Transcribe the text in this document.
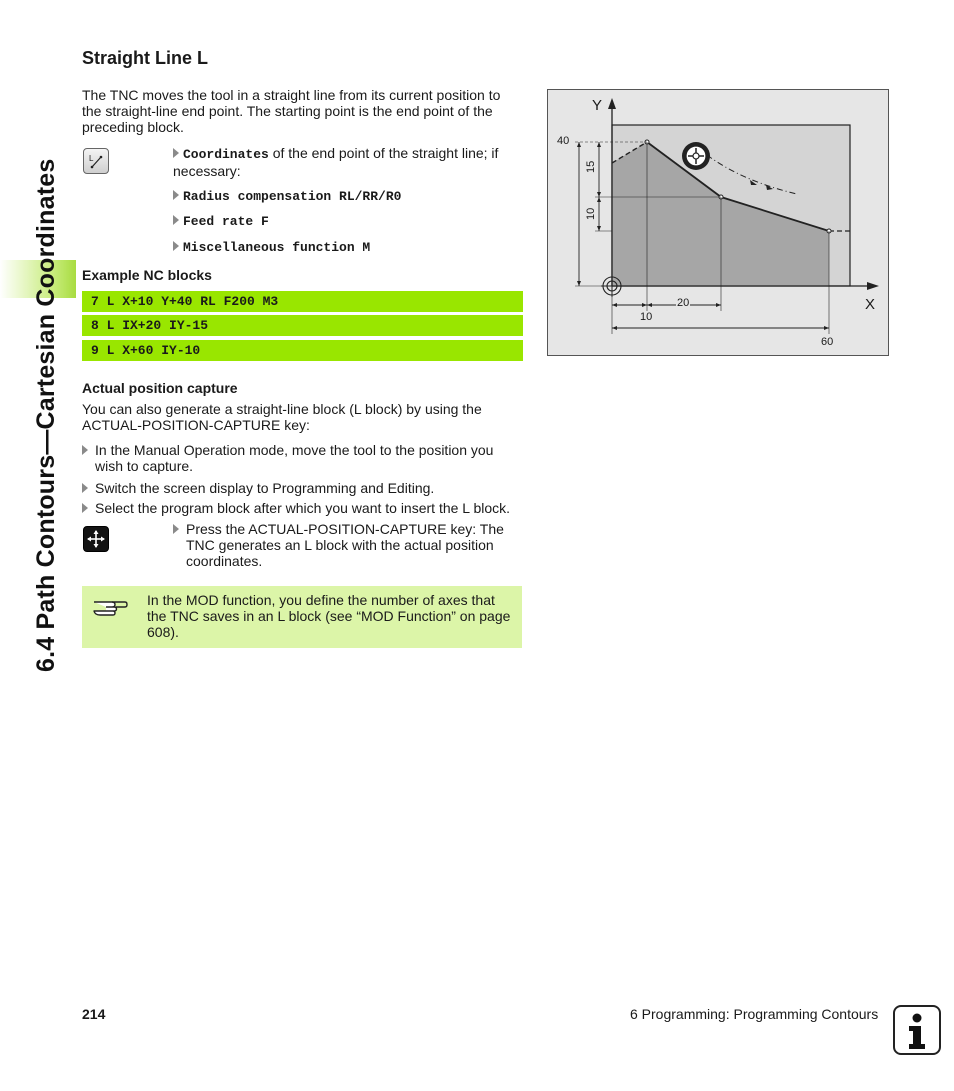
6.4 Path Contours—Cartesian Coordinates
Straight Line L
The TNC moves the tool in a straight line from its current position to the straight-line end point. The starting point is the end point of the preceding block.
L	Coordinates of the end point of the straight line; if necessary:
Radius compensation RL/RR/R0
Feed rate F
Miscellaneous function M
Example NC blocks
7 L X+10 Y+40 RL F200 M3
8 L IX+20 IY-15
9 L X+60 IY-10
Actual position capture
You can also generate a straight-line block (L block) by using the ACTUAL-POSITION-CAPTURE key:
In the Manual Operation mode, move the tool to the position you wish to capture.
Switch the screen display to Programming and Editing.
Select the program block after which you want to insert the L block.
Press the ACTUAL-POSITION-CAPTURE key: The TNC generates an L block with the actual position coordinates.
In the MOD function, you define the number of axes that the TNC saves in an L block (see “MOD Function” on page 608).
Y
X
40
15
10
20
10
60
214	6 Programming: Programming Contours
